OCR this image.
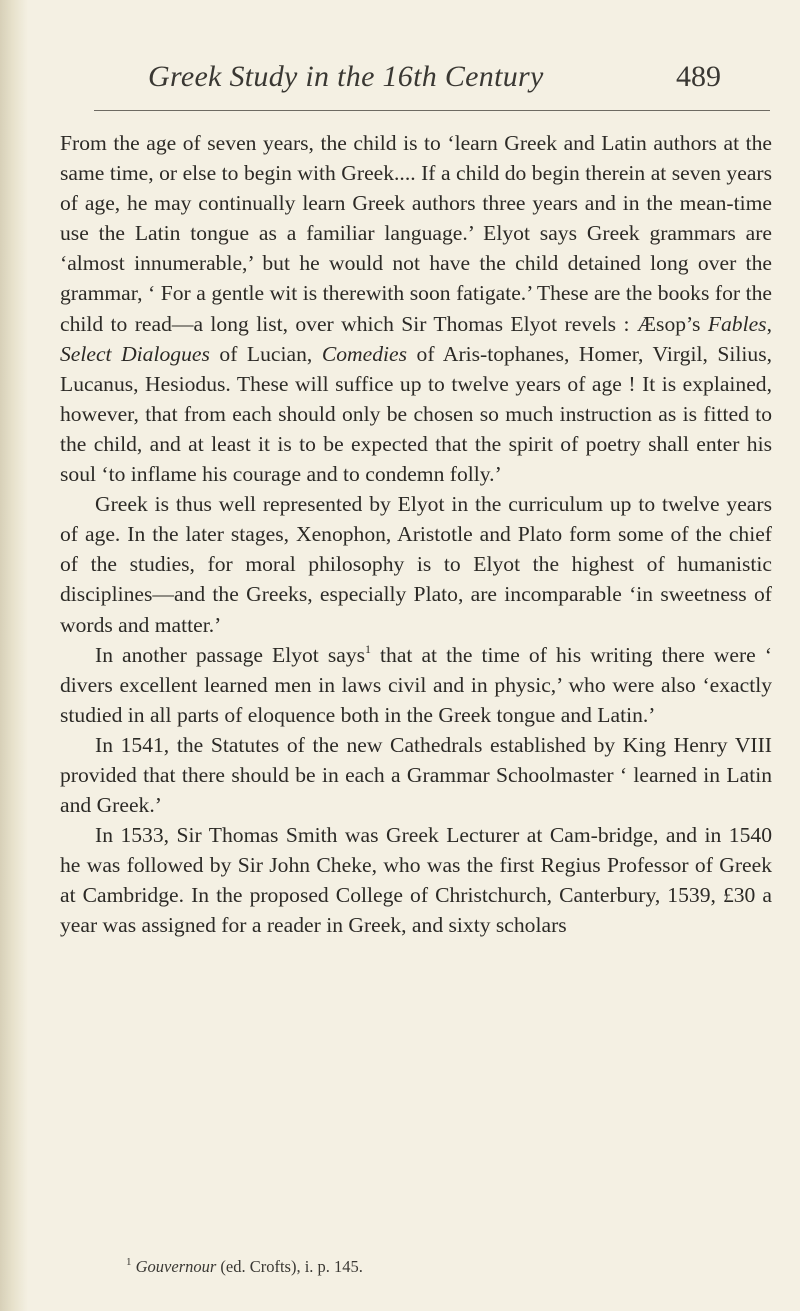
Greek Study in the 16th Century	489

From the age of seven years, the child is to ‘learn Greek and Latin authors at the same time, or else to begin with Greek.... If a child do begin therein at seven years of age, he may continually learn Greek authors three years and in the mean-time use the Latin tongue as a familiar language.’ Elyot says Greek grammars are ‘almost innumerable,’ but he would not have the child detained long over the grammar, ‘ For a gentle wit is therewith soon fatigate.’ These are the books for the child to read—a long list, over which Sir Thomas Elyot revels : Æsop’s Fables, Select Dialogues of Lucian, Comedies of Aris-tophanes, Homer, Virgil, Silius, Lucanus, Hesiodus. These will suffice up to twelve years of age ! It is explained, however, that from each should only be chosen so much instruction as is fitted to the child, and at least it is to be expected that the spirit of poetry shall enter his soul ‘to inflame his courage and to condemn folly.’

Greek is thus well represented by Elyot in the curriculum up to twelve years of age. In the later stages, Xenophon, Aristotle and Plato form some of the chief of the studies, for moral philosophy is to Elyot the highest of humanistic disciplines—and the Greeks, especially Plato, are incomparable ‘in sweetness of words and matter.’

In another passage Elyot says$^1$ that at the time of his writing there were ‘ divers excellent learned men in laws civil and in physic,’ who were also ‘exactly studied in all parts of eloquence both in the Greek tongue and Latin.’

In 1541, the Statutes of the new Cathedrals established by King Henry VIII provided that there should be in each a Grammar Schoolmaster ‘ learned in Latin and Greek.’

In 1533, Sir Thomas Smith was Greek Lecturer at Cam-bridge, and in 1540 he was followed by Sir John Cheke, who was the first Regius Professor of Greek at Cambridge. In the proposed College of Christchurch, Canterbury, 1539, £30 a year was assigned for a reader in Greek, and sixty scholars

$^1$ Gouvernour (ed. Crofts), i. p. 145.
